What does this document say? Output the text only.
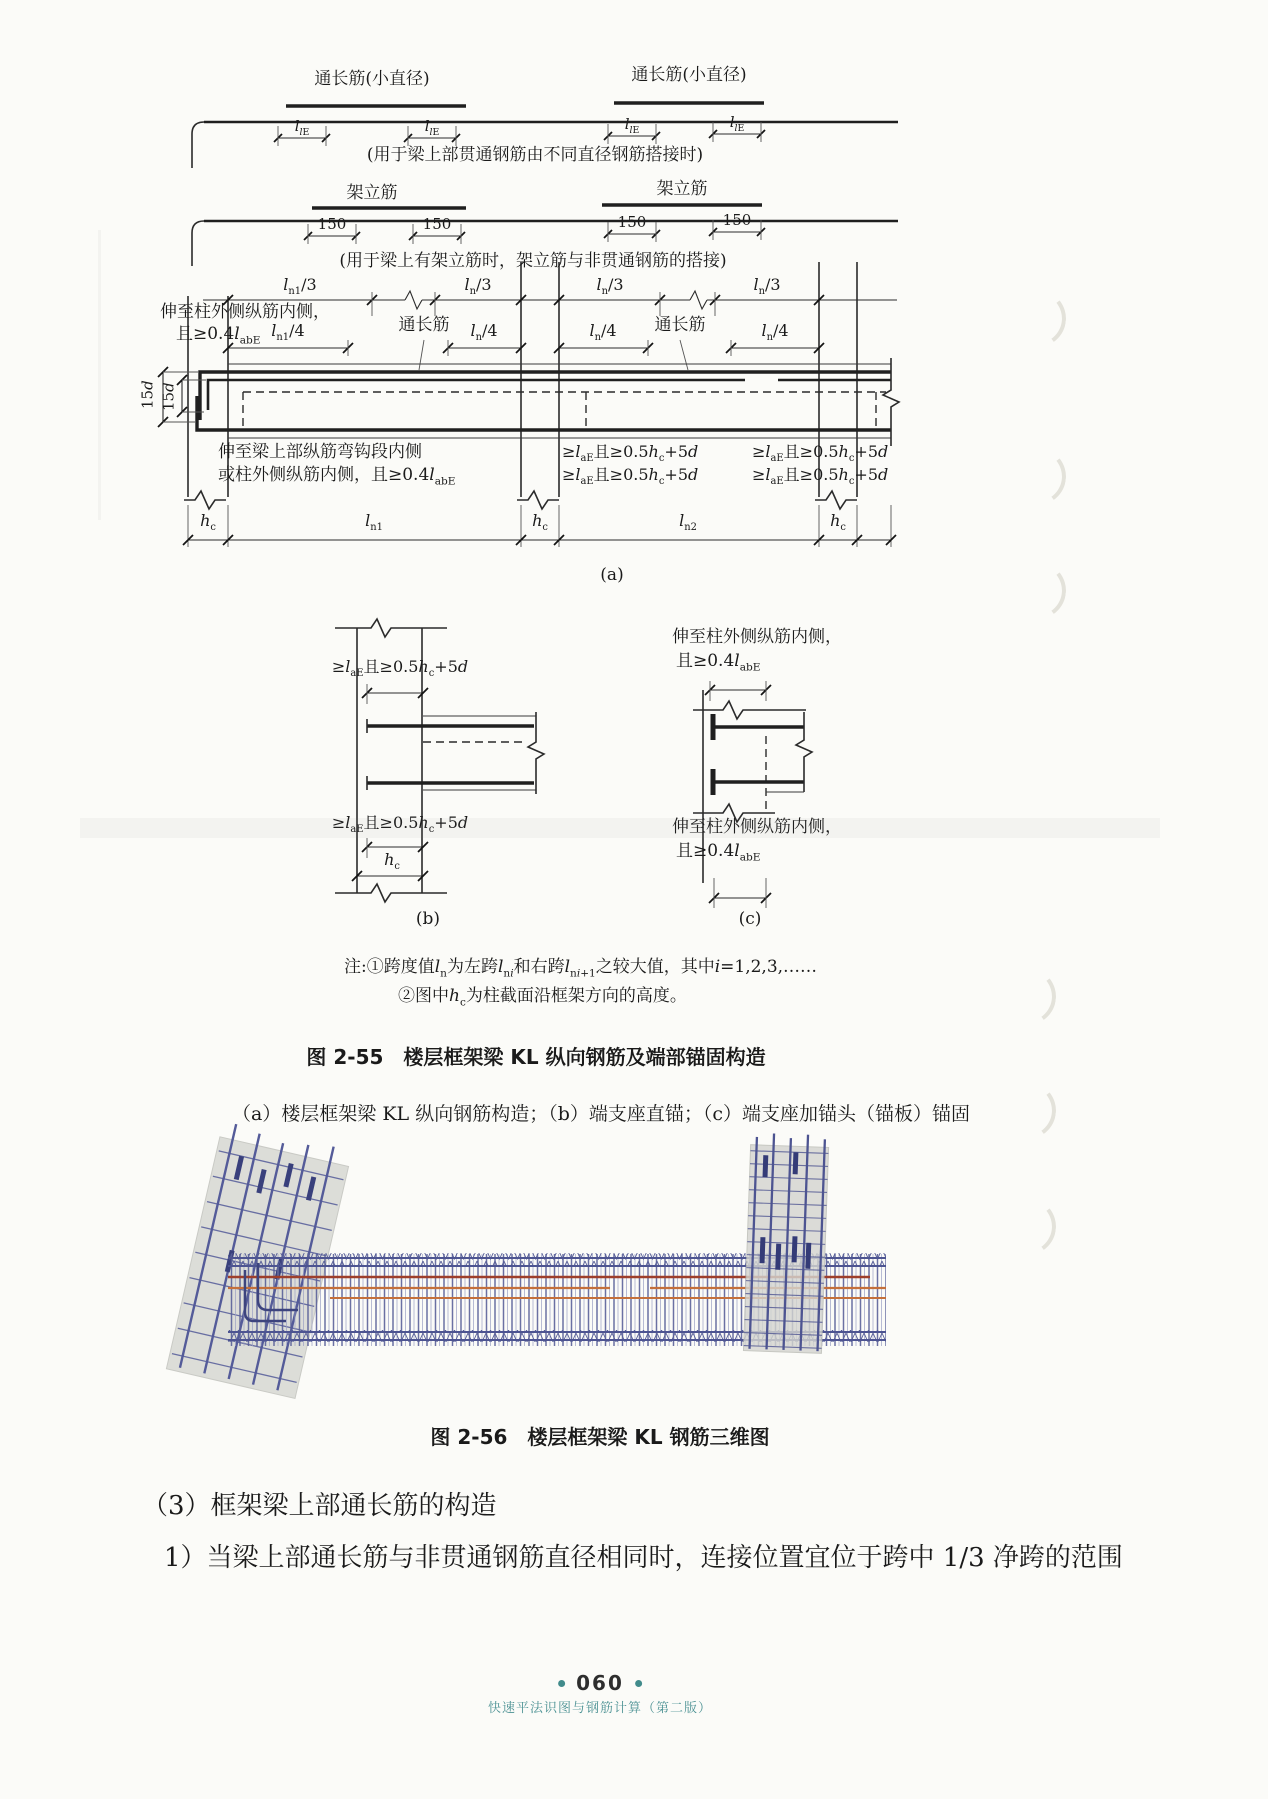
通长筋(小直径)	通长筋(小直径)
$l_{lE}$	$l_{lE}$	$l_{lE}$	$l_{lE}$
(用于梁上部贯通钢筋由不同直径钢筋搭接时)
架立筋	架立筋
150	150	150	150
(用于梁上有架立筋时，架立筋与非贯通钢筋的搭接)
伸至柱外侧纵筋内侧，
且$\ge 0.4l_{abE}$
$l_{n1}/3$	$l_n/3$	$l_n/3$	$l_n/3$
$l_{n1}/4$	$l_n/4$	$l_n/4$	$l_n/4$
通长筋	通长筋
15d
15d
伸至梁上部纵筋弯钩段内侧
或柱外侧纵筋内侧，且$\ge 0.4l_{abE}$
$\ge l_{aE}$且$\ge 0.5h_c+5d$	$\ge l_{aE}$且$\ge 0.5h_c+5d$
$\ge l_{aE}$且$\ge 0.5h_c+5d$	$\ge l_{aE}$且$\ge 0.5h_c+5d$
$h_c$	$l_{n1}$	$h_c$	$l_{n2}$	$h_c$
(a)
$\ge l_{aE}$且$\ge 0.5h_c+5d$
$\ge l_{aE}$且$\ge 0.5h_c+5d$
$h_c$
(b)
伸至柱外侧纵筋内侧，
且$\ge 0.4l_{abE}$
伸至柱外侧纵筋内侧，
且$\ge 0.4l_{abE}$
(c)
注:①跨度值$l_n$为左跨$l_{ni}$和右跨$l_{ni+1}$之较大值，其中i=1,2,3,……
②图中$h_c$为柱截面沿框架方向的高度。
图 2-55　楼层框架梁 KL 纵向钢筋及端部锚固构造
（a）楼层框架梁 KL 纵向钢筋构造；（b）端支座直锚；（c）端支座加锚头（锚板）锚固
图 2-56　楼层框架梁 KL 钢筋三维图
（3）框架梁上部通长筋的构造
1）当梁上部通长筋与非贯通钢筋直径相同时，连接位置宜位于跨中 1/3 净跨的范围
060
快速平法识图与钢筋计算（第二版）
